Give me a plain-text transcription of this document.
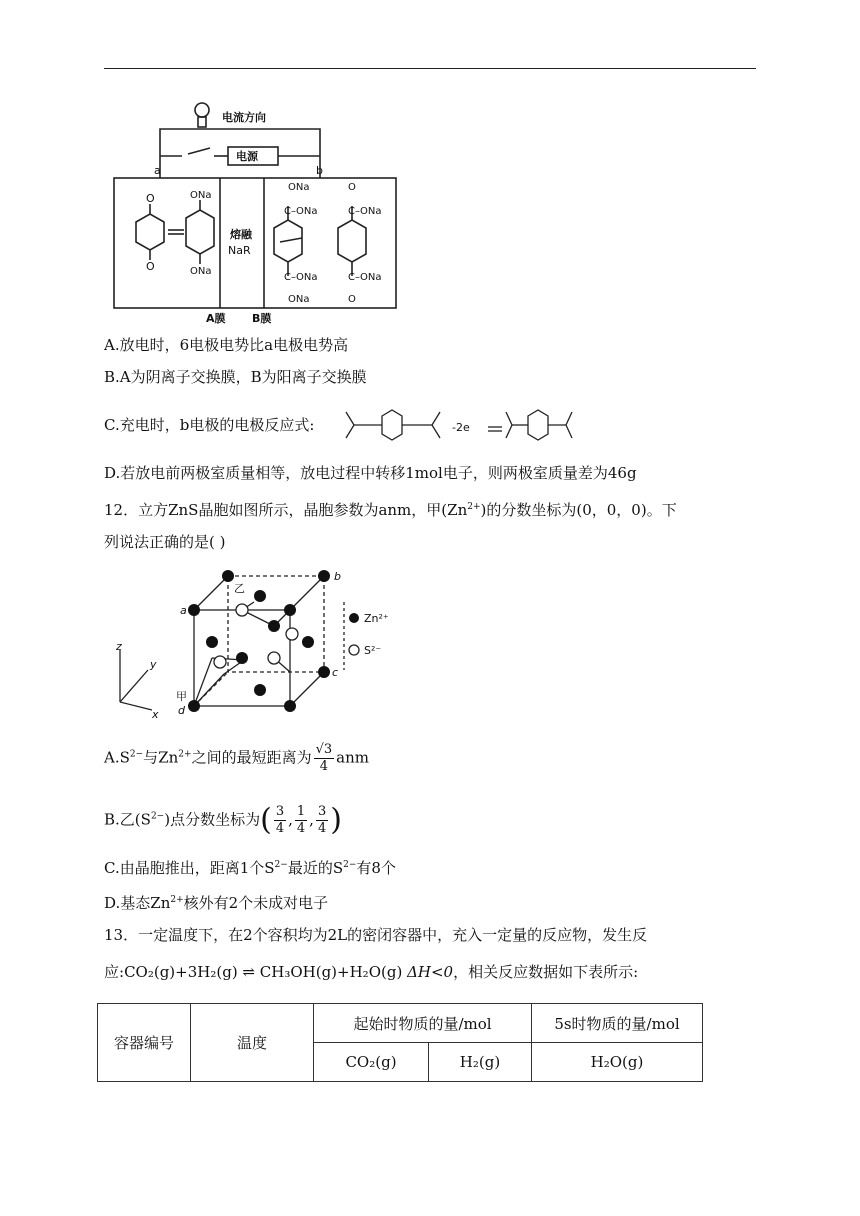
电流方向
电源
a	b
熔融
NaR
A膜 B膜
O
O
ONa
ONa
ONa
C–ONa
C–ONa
ONa
O
C–ONa
C–ONa
O
A.放电时，6电极电势比a电极电势高
B.A为阴离子交换膜，B为阳离子交换膜
C.充电时，b电极的电极反应式:	-2e
D.若放电前两极室质量相等，放电过程中转移1mol电子，则两极室质量差为46g
12．立方ZnS晶胞如图所示，晶胞参数为anm，甲$(Zn^{2+})$的分数坐标为(0，0，0)。下
列说法正确的是( )
z
y
x
a
b
c
d
甲
乙
Zn²⁺
S²⁻
$A.S^{2-}$与$Zn^{2+}$之间的最短距离为 $\frac{√3}{4}$ anm
B.乙$(S^{2-})$点分数坐标为( $\frac{3}{4}$ , $\frac{1}{4}$ , $\frac{3}{4}$ )
C.由晶胞推出，距离1个$S^{2-}$最近的$S^{2-}$有8个
D.基态$Zn^{2+}$核外有2个未成对电子
13．一定温度下，在2个容积均为2L的密闭容器中，充入一定量的反应物，发生反
应:CO₂(g)+3H₂(g) ⇌ CH₃OH(g)+H₂O(g) ΔH<0，相关反应数据如下表所示:
容器编号	温度	起始时物质的量/mol		5s时物质的量/mol
		CO₂(g)	H₂(g)	H₂O(g)
